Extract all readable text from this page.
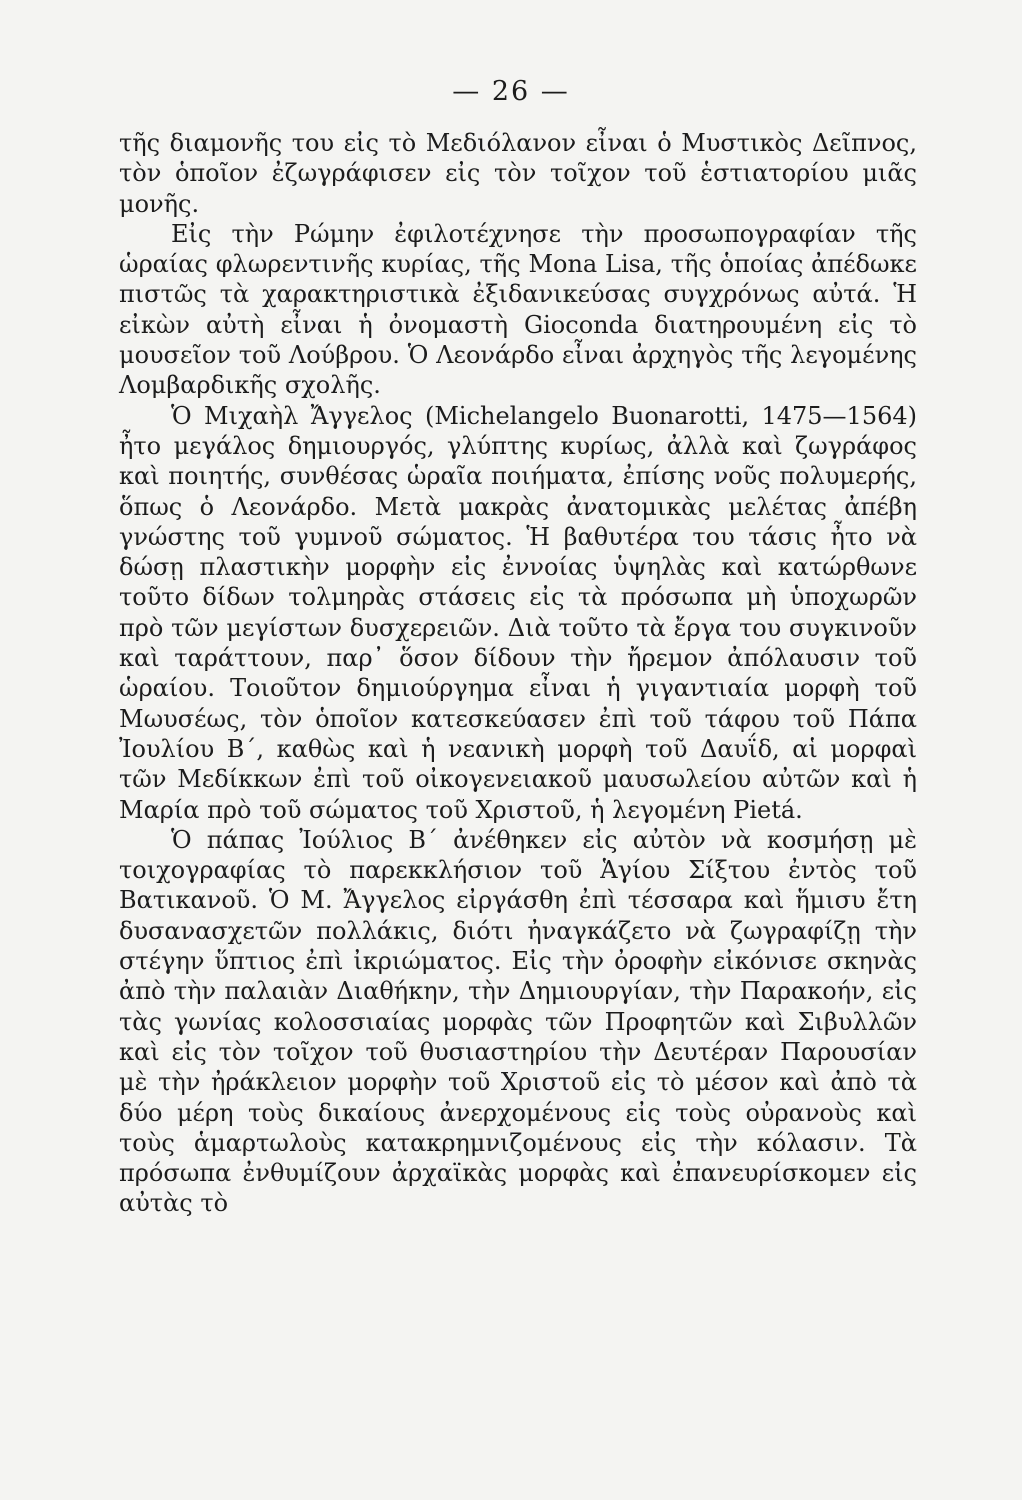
— 26 —

τῆς διαμονῆς του εἰς τὸ Μεδιόλανον εἶναι ὁ Μυστικὸς Δεῖπνος, τὸν ὁποῖον ἐζωγράφισεν εἰς τὸν τοῖχον τοῦ ἑστιατορίου μιᾶς μονῆς.

Εἰς τὴν Ρώμην ἐφιλοτέχνησε τὴν προσωπογραφίαν τῆς ὡραίας φλωρεντινῆς κυρίας, τῆς Mona Lisa, τῆς ὁποίας ἀπέδωκε πιστῶς τὰ χαρακτηριστικὰ ἐξιδανικεύσας συγχρόνως αὐτά. Ἡ εἰκὼν αὐτὴ εἶναι ἡ ὀνομαστὴ Gioconda διατηρουμένη εἰς τὸ μουσεῖον τοῦ Λούβρου. Ὁ Λεονάρδο εἶναι ἀρχηγὸς τῆς λεγομένης Λομβαρδικῆς σχολῆς.

Ὁ Μιχαὴλ Ἄγγελος (Michelangelo Buonarotti, 1475—1564) ἦτο μεγάλος δημιουργός, γλύπτης κυρίως, ἀλλὰ καὶ ζωγράφος καὶ ποιητής, συνθέσας ὡραῖα ποιήματα, ἐπίσης νοῦς πολυμερής, ὅπως ὁ Λεονάρδο. Μετὰ μακρὰς ἀνατομικὰς μελέτας ἀπέβη γνώστης τοῦ γυμνοῦ σώματος. Ἡ βαθυτέρα του τάσις ἦτο νὰ δώσῃ πλαστικὴν μορφὴν εἰς ἐννοίας ὑψηλὰς καὶ κατώρθωνε τοῦτο δίδων τολμηρὰς στάσεις εἰς τὰ πρόσωπα μὴ ὑποχωρῶν πρὸ τῶν μεγίστων δυσχερειῶν. Διὰ τοῦτο τὰ ἔργα του συγκινοῦν καὶ ταράττουν, παρ᾽ ὅσον δίδουν τὴν ἤρεμον ἀπόλαυσιν τοῦ ὡραίου. Τοιοῦτον δημιούργημα εἶναι ἡ γιγαντιαία μορφὴ τοῦ Μωυσέως, τὸν ὁποῖον κατεσκεύασεν ἐπὶ τοῦ τάφου τοῦ Πάπα Ἰουλίου Β΄, καθὼς καὶ ἡ νεανικὴ μορφὴ τοῦ Δαυΐδ, αἱ μορφαὶ τῶν Μεδίκκων ἐπὶ τοῦ οἰκογενειακοῦ μαυσωλείου αὐτῶν καὶ ἡ Μαρία πρὸ τοῦ σώματος τοῦ Χριστοῦ, ἡ λεγομένη Pietá.

Ὁ πάπας Ἰούλιος Β΄ ἀνέθηκεν εἰς αὐτὸν νὰ κοσμήσῃ μὲ τοιχογραφίας τὸ παρεκκλήσιον τοῦ Ἁγίου Σίξτου ἐντὸς τοῦ Βατικανοῦ. Ὁ Μ. Ἄγγελος εἰργάσθη ἐπὶ τέσσαρα καὶ ἥμισυ ἔτη δυσανασχετῶν πολλάκις, διότι ἠναγκάζετο νὰ ζωγραφίζῃ τὴν στέγην ὕπτιος ἐπὶ ἰκριώματος. Εἰς τὴν ὀροφὴν εἰκόνισε σκηνὰς ἀπὸ τὴν παλαιὰν Διαθήκην, τὴν Δημιουργίαν, τὴν Παρακοήν, εἰς τὰς γωνίας κολοσσιαίας μορφὰς τῶν Προφητῶν καὶ Σιβυλλῶν καὶ εἰς τὸν τοῖχον τοῦ θυσιαστηρίου τὴν Δευτέραν Παρουσίαν μὲ τὴν ἠράκλειον μορφὴν τοῦ Χριστοῦ εἰς τὸ μέσον καὶ ἀπὸ τὰ δύο μέρη τοὺς δικαίους ἀνερχομένους εἰς τοὺς οὐρανοὺς καὶ τοὺς ἁμαρτωλοὺς κατακρημνιζομένους εἰς τὴν κόλασιν. Τὰ πρόσωπα ἐνθυμίζουν ἀρχαϊκὰς μορφὰς καὶ ἐπανευρίσκομεν εἰς αὐτὰς τὸ
